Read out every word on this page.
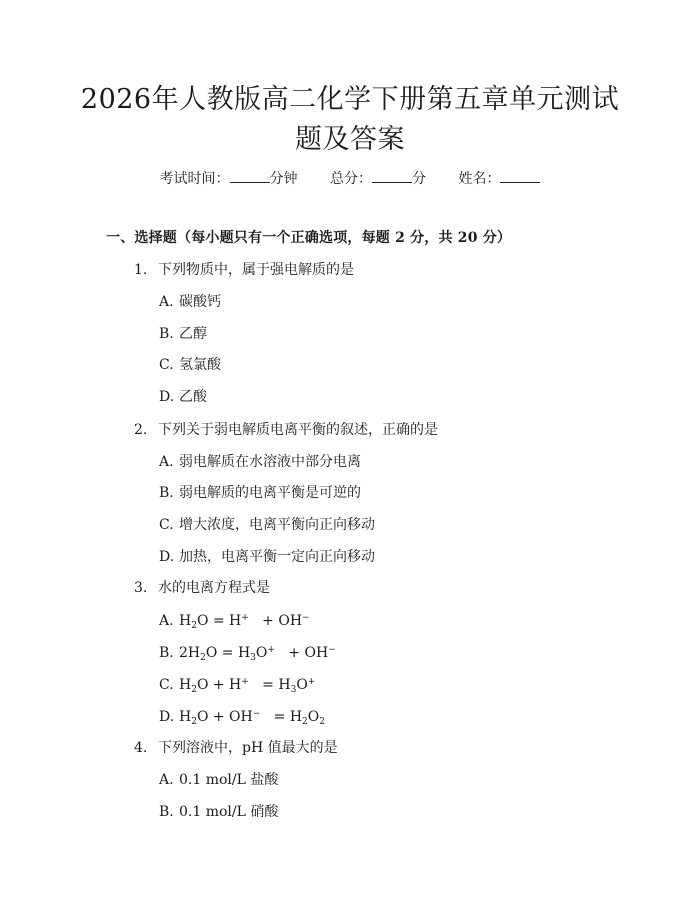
2026年人教版高二化学下册第五章单元测试
题及答案
考试时间：	分钟 总分：	分 姓名：
一、选择题（每小题只有一个正确选项，每题 2 分，共 20 分）
1. 下列物质中，属于强电解质的是
A. 碳酸钙
B. 乙醇
C. 氢氯酸
D. 乙酸
2. 下列关于弱电解质电离平衡的叙述，正确的是
A. 弱电解质在水溶液中部分电离
B. 弱电解质的电离平衡是可逆的
C. 增大浓度，电离平衡向正向移动
D. 加热，电离平衡一定向正向移动
3. 水的电离方程式是
A. $H_2O = H^+ + OH^-$
B. $2H_2O = H_3O^+ + OH^-$
C. $H_2O + H^+ = H_3O^+$
D. $H_2O + OH^- = H_2O_2$
4. 下列溶液中，pH 值最大的是
A. 0.1 mol/L 盐酸
B. 0.1 mol/L 硝酸
